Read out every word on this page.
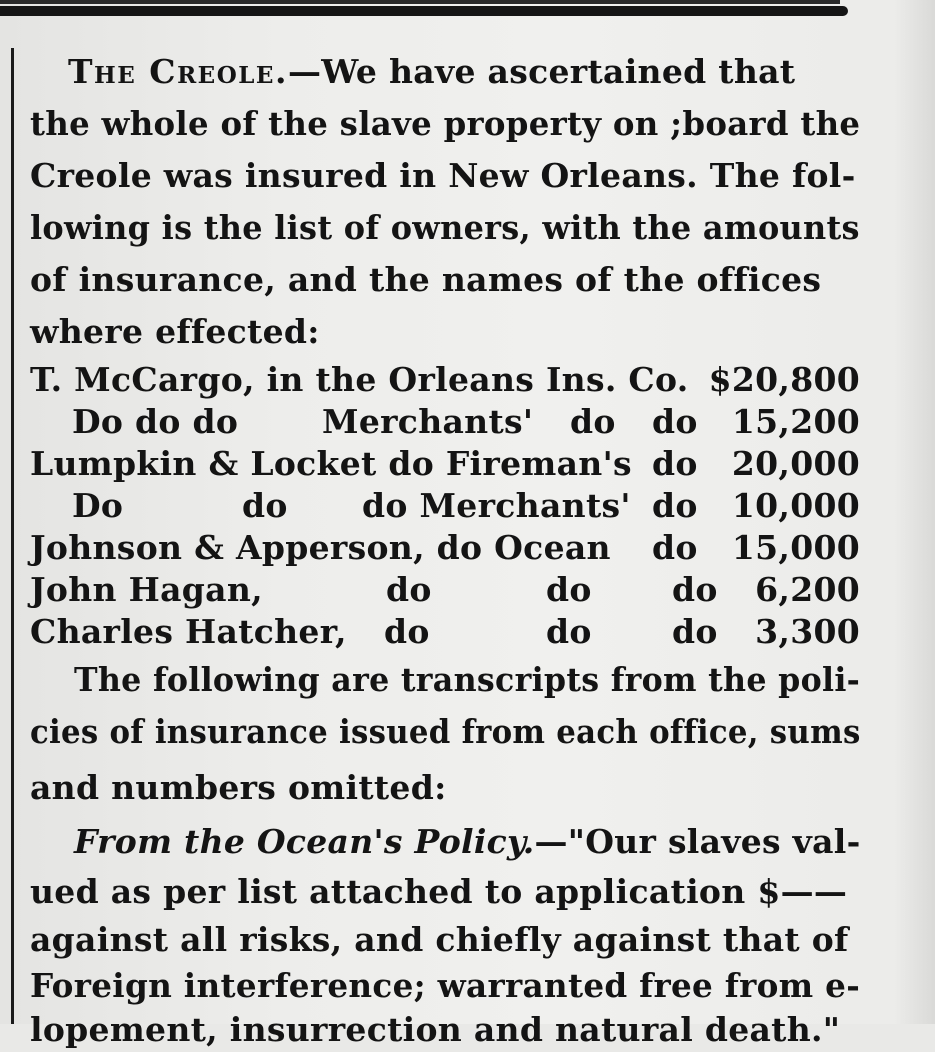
The Creole.—We have ascertained that
the whole of the slave property on ;board the
Creole was insured in New Orleans. The fol-
lowing is the list of owners, with the amounts
of insurance, and the names of the offices
where effected:
T. McCargo, in the Orleans Ins. Co. $20,800
Do do do	Merchants' do do 15,200
Lumpkin & Locket do Fireman's do 20,000
Do	do do Merchants' do 10,000
Johnson & Apperson, do Ocean do 15,000
John Hagan,	do	do do 6,200
Charles Hatcher, do	do do 3,300
The following are transcripts from the poli-
cies of insurance issued from each office, sums
and numbers omitted:
From the Ocean's Policy.—"Our slaves val-
ued as per list attached to application $——
against all risks, and chiefly against that of
Foreign interference; warranted free from e-
lopement, insurrection and natural death."
